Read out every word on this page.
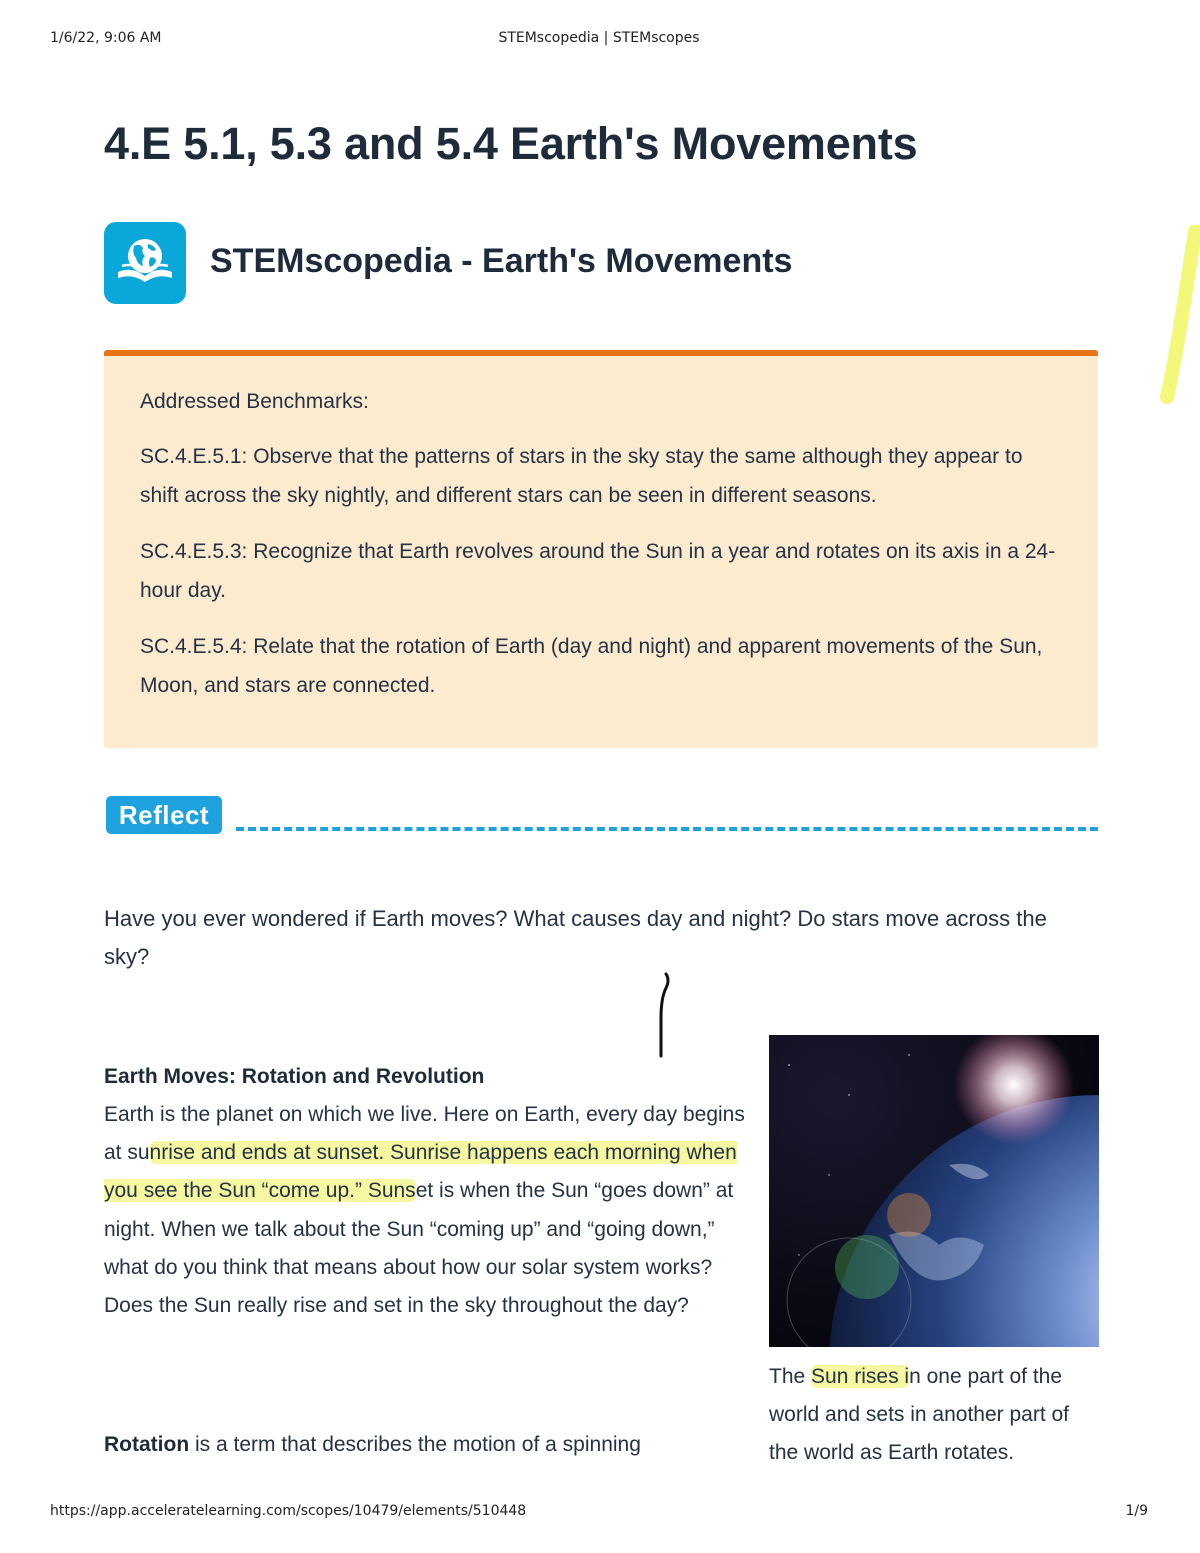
1/6/22, 9:06 AM	STEMscopedia | STEMscopes
4.E 5.1, 5.3 and 5.4 Earth's Movements
STEMscopedia - Earth's Movements

Addressed Benchmarks:

SC.4.E.5.1: Observe that the patterns of stars in the sky stay the same although they appear to shift across the sky nightly, and different stars can be seen in different seasons.

SC.4.E.5.3: Recognize that Earth revolves around the Sun in a year and rotates on its axis in a 24-hour day.

SC.4.E.5.4: Relate that the rotation of Earth (day and night) and apparent movements of the Sun, Moon, and stars are connected.

Reflect

Have you ever wondered if Earth moves? What causes day and night? Do stars move across the sky?

Earth Moves: Rotation and Revolution

Earth is the planet on which we live. Here on Earth, every day begins at sunrise and ends at sunset. Sunrise happens each morning when you see the Sun “come up.” Sunset is when the Sun “goes down” at night. When we talk about the Sun “coming up” and “going down,” what do you think that means about how our solar system works? Does the Sun really rise and set in the sky throughout the day?

Rotation is a term that describes the motion of a spinning

The Sun rises in one part of the world and sets in another part of the world as Earth rotates.

https://app.acceleratelearning.com/scopes/10479/elements/510448	1/9
